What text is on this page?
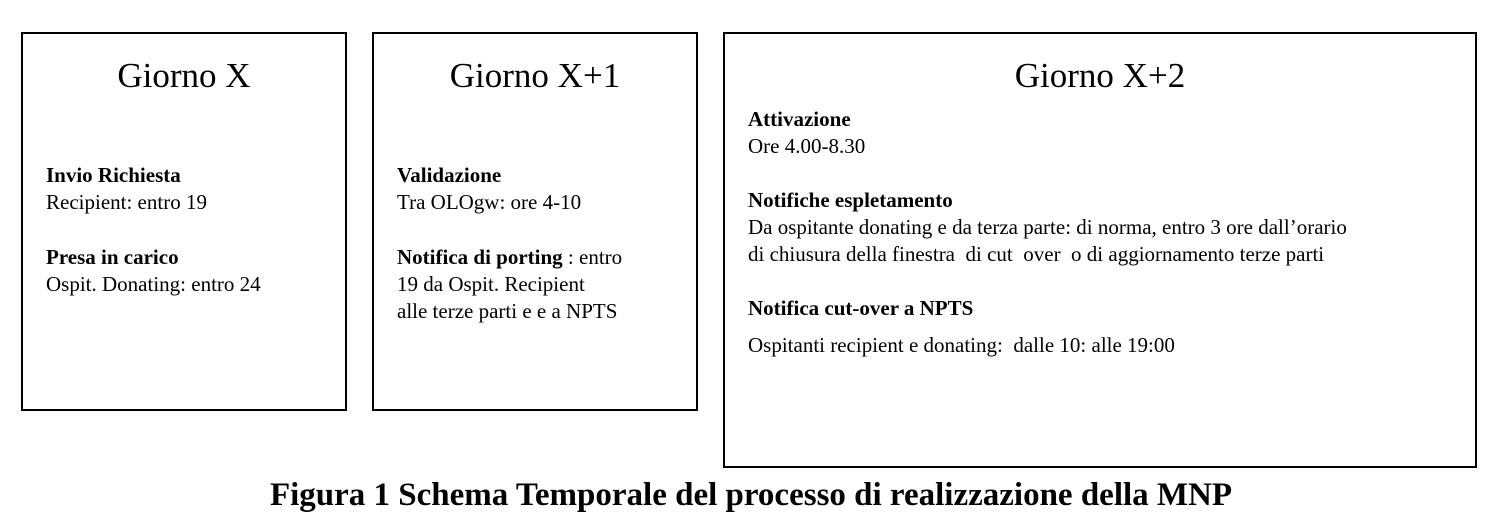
Giorno X

Invio Richiesta

Recipient: entro 19

Presa in carico

Ospit. Donating: entro 24

Giorno X+1

Validazione

Tra OLOgw: ore 4-10

Notifica di porting : entro

19 da Ospit. Recipient

alle terze parti e e a NPTS

Giorno X+2

Attivazione

Ore 4.00-8.30

Notifiche espletamento

Da ospitante donating e da terza parte: di norma, entro 3 ore dall’orario

di chiusura della finestra  di cut  over  o di aggiornamento terze parti

Notifica cut-over a NPTS

Ospitanti recipient e donating:  dalle 10: alle 19:00

Figura 1 Schema Temporale del processo di realizzazione della MNP
